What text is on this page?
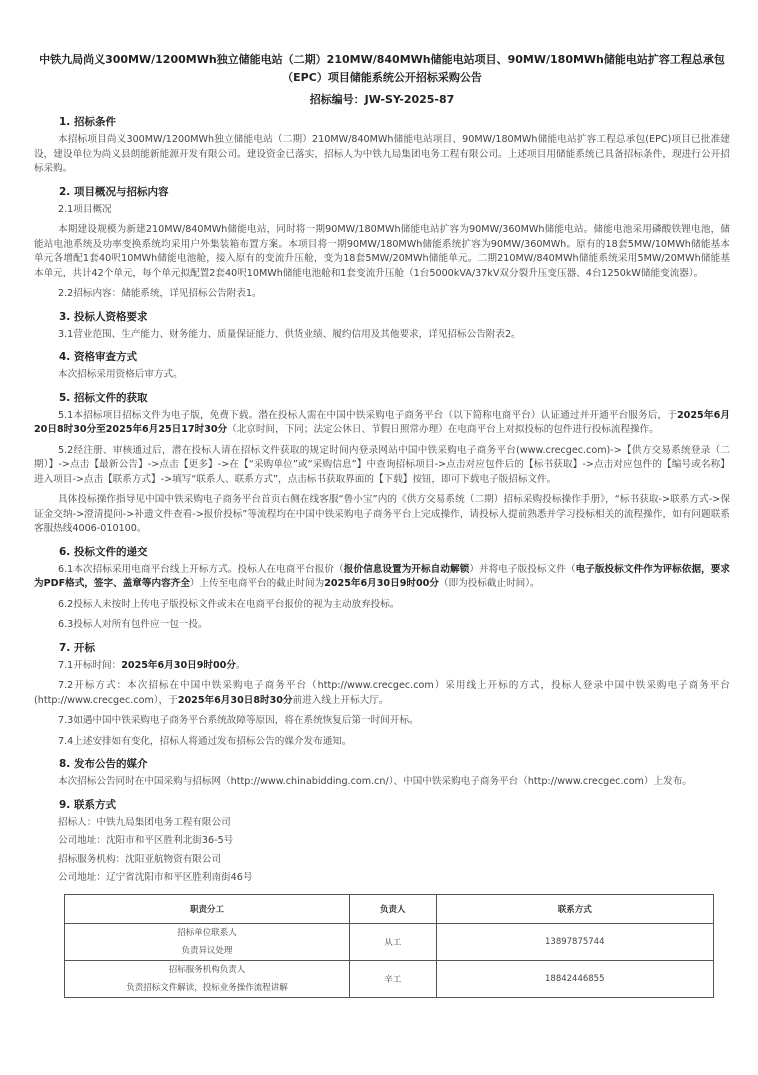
中铁九局尚义300MW/1200MWh独立储能电站（二期）210MW/840MWh储能电站项目、90MW/180MWh储能电站扩容工程总承包（EPC）项目储能系统公开招标采购公告
招标编号：JW-SY-2025-87
1. 招标条件

本招标项目尚义300MW/1200MWh独立储能电站（二期）210MW/840MWh储能电站项目、90MW/180MWh储能电站扩容工程总承包(EPC)项目已批准建设，建设单位为尚义县朗能新能源开发有限公司。建设资金已落实，招标人为中铁九局集团电务工程有限公司。上述项目用储能系统已具备招标条件，现进行公开招标采购。

2. 项目概况与招标内容

2.1项目概况

本期建设规模为新建210MW/840MWh储能电站，同时将一期90MW/180MWh储能电站扩容为90MW/360MWh储能电站。储能电池采用磷酸铁锂电池，储能站电池系统及功率变换系统均采用户外集装箱布置方案。本项目将一期90MW/180MWh储能系统扩容为90MW/360MWh。原有的18套5MW/10MWh储能基本单元各增配1套40呎10MWh储能电池舱，接入原有的变流升压舱，变为18套5MW/20MWh储能单元。二期210MW/840MWh储能系统采用5MW/20MWh储能基本单元，共计42个单元，每个单元拟配置2套40呎10MWh储能电池舱和1套变流升压舱（1台5000kVA/37kV双分裂升压变压器、4台1250kW储能变流器）。

2.2招标内容：储能系统，详见招标公告附表1。

3. 投标人资格要求

3.1营业范围、生产能力、财务能力、质量保证能力、供货业绩、履约信用及其他要求，详见招标公告附表2。

4. 资格审查方式

本次招标采用资格后审方式。

5. 招标文件的获取

5.1本招标项目招标文件为电子版，免费下载。潜在投标人需在中国中铁采购电子商务平台（以下简称电商平台）认证通过并开通平台服务后，于2025年6月20日8时30分至2025年6月25日17时30分（北京时间，下同；法定公休日、节假日照常办理）在电商平台上对拟投标的包件进行投标流程操作。

5.2经注册、审核通过后，潜在投标人请在招标文件获取的规定时间内登录网站中国中铁采购电子商务平台(www.crecgec.com)->【供方交易系统登录（二期）】->点击【最新公告】->点击【更多】->在【“采购单位”或“采购信息”】中查询招标项目->点击对应包件后的【标书获取】->点击对应包件的【编号或名称】进入项目->点击【联系方式】->填写“联系人、联系方式”，点击标书获取界面的【下载】按钮，即可下载电子版招标文件。

具体投标操作指导见中国中铁采购电子商务平台首页右侧在线客服“鲁小宝”内的《供方交易系统（二期）招标采购投标操作手册》，“标书获取->联系方式->保证金交纳->澄清提问->补遗文件查看->报价投标”等流程均在中国中铁采购电子商务平台上完成操作，请投标人提前熟悉并学习投标相关的流程操作，如有问题联系客服热线4006-010100。

6. 投标文件的递交

6.1本次招标采用电商平台线上开标方式。投标人在电商平台报价（报价信息设置为开标自动解锁）并将电子版投标文件（电子版投标文件作为评标依据，要求为PDF格式，签字、盖章等内容齐全）上传至电商平台的截止时间为2025年6月30日9时00分（即为投标截止时间）。

6.2投标人未按时上传电子版投标文件或未在电商平台报价的视为主动放弃投标。

6.3投标人对所有包件应一包一投。

7. 开标

7.1开标时间：2025年6月30日9时00分。

7.2开标方式：本次招标在中国中铁采购电子商务平台（http://www.crecgec.com）采用线上开标的方式，投标人登录中国中铁采购电子商务平台(http://www.crecgec.com），于2025年6月30日8时30分前进入线上开标大厅。

7.3如遇中国中铁采购电子商务平台系统故障等原因，将在系统恢复后第一时间开标。

7.4上述安排如有变化，招标人将通过发布招标公告的媒介发布通知。

8. 发布公告的媒介

本次招标公告同时在中国采购与招标网（http://www.chinabidding.com.cn/）、中国中铁采购电子商务平台（http://www.crecgec.com）上发布。

9. 联系方式

招标人：中铁九局集团电务工程有限公司

公司地址：沈阳市和平区胜利北街36-5号

招标服务机构：沈阳亚航物资有限公司

公司地址：辽宁省沈阳市和平区胜利南街46号

职责分工	负责人	联系方式

招标单位联系人
负责异议处理	从工	13897875744

招标服务机构负责人
负责招标文件解读，投标业务操作流程讲解	辛工	18842446855
